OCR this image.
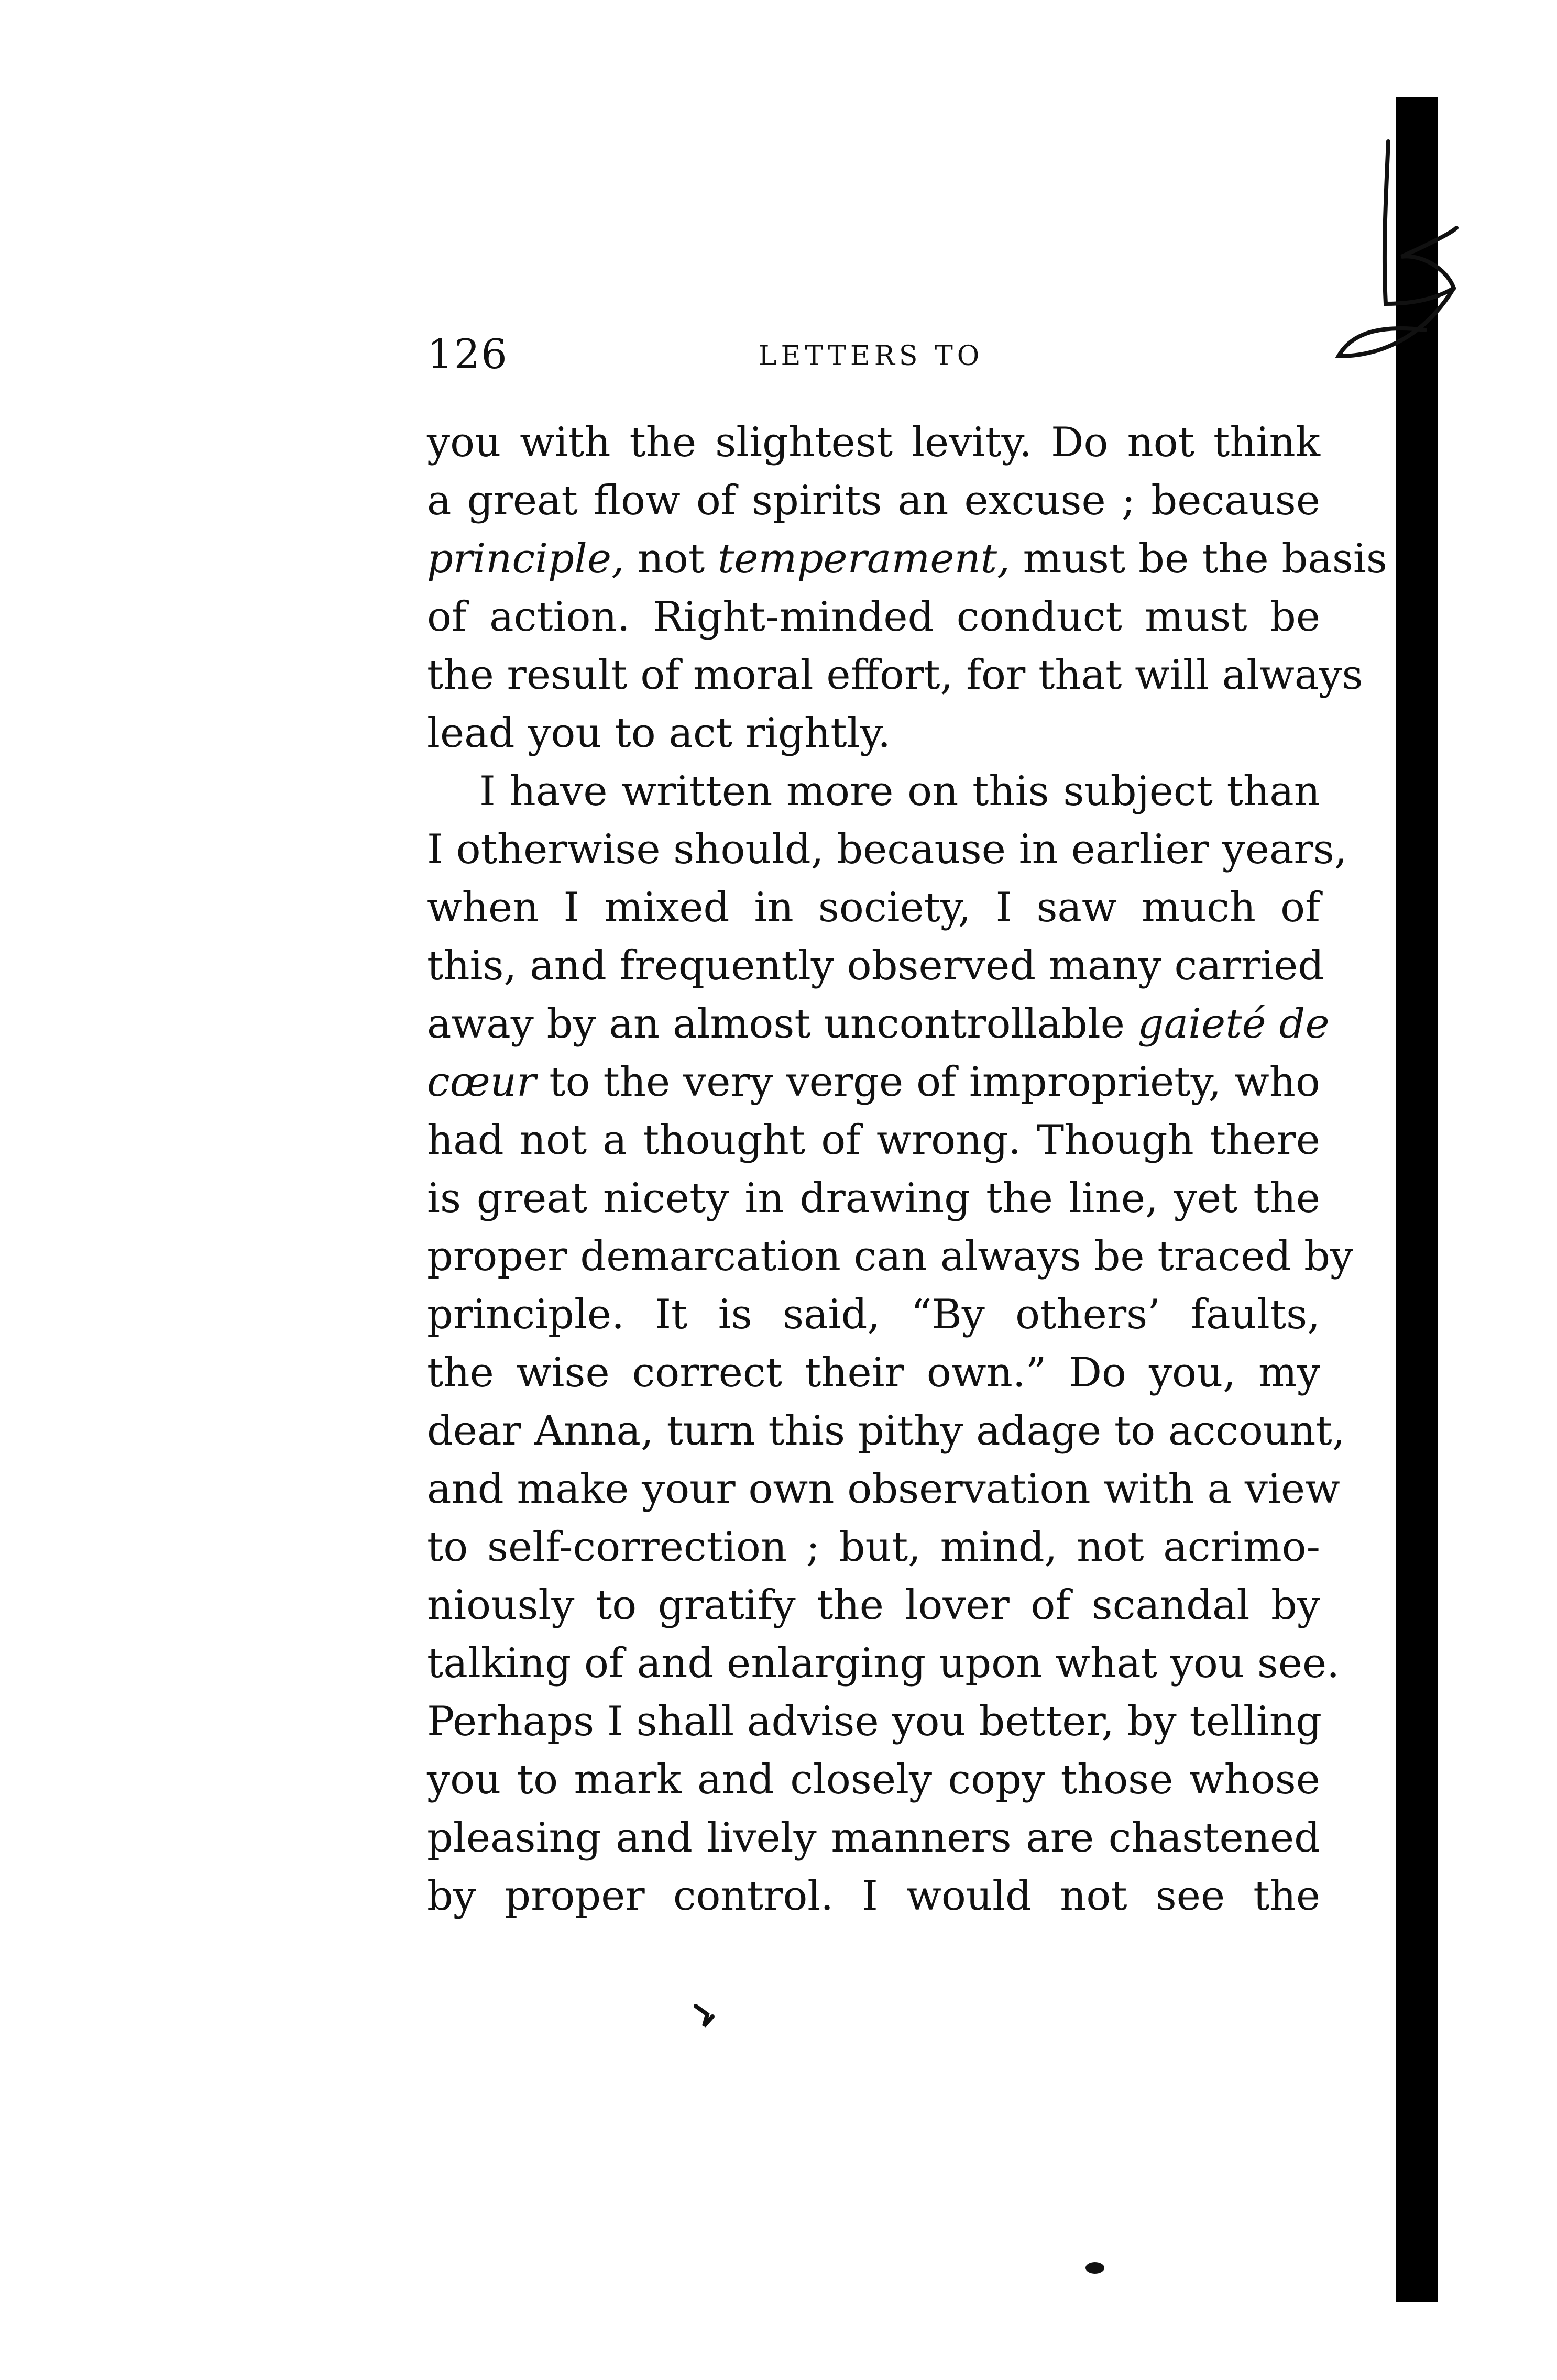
126	LETTERS TO
you with the slightest levity. Do not think
a great flow of spirits an excuse ; because
principle, not temperament, must be the basis
of action. Right-minded conduct must be
the result of moral effort, for that will always
lead you to act rightly.
I have written more on this subject than
I otherwise should, because in earlier years,
when I mixed in society, I saw much of
this, and frequently observed many carried
away by an almost uncontrollable gaieté de
cœur to the very verge of impropriety, who
had not a thought of wrong. Though there
is great nicety in drawing the line, yet the
proper demarcation can always be traced by
principle. It is said, “By others’ faults,
the wise correct their own.” Do you, my
dear Anna, turn this pithy adage to account,
and make your own observation with a view
to self-correction ; but, mind, not acrimo-
niously to gratify the lover of scandal by
talking of and enlarging upon what you see.
Perhaps I shall advise you better, by telling
you to mark and closely copy those whose
pleasing and lively manners are chastened
by proper control. I would not see the
